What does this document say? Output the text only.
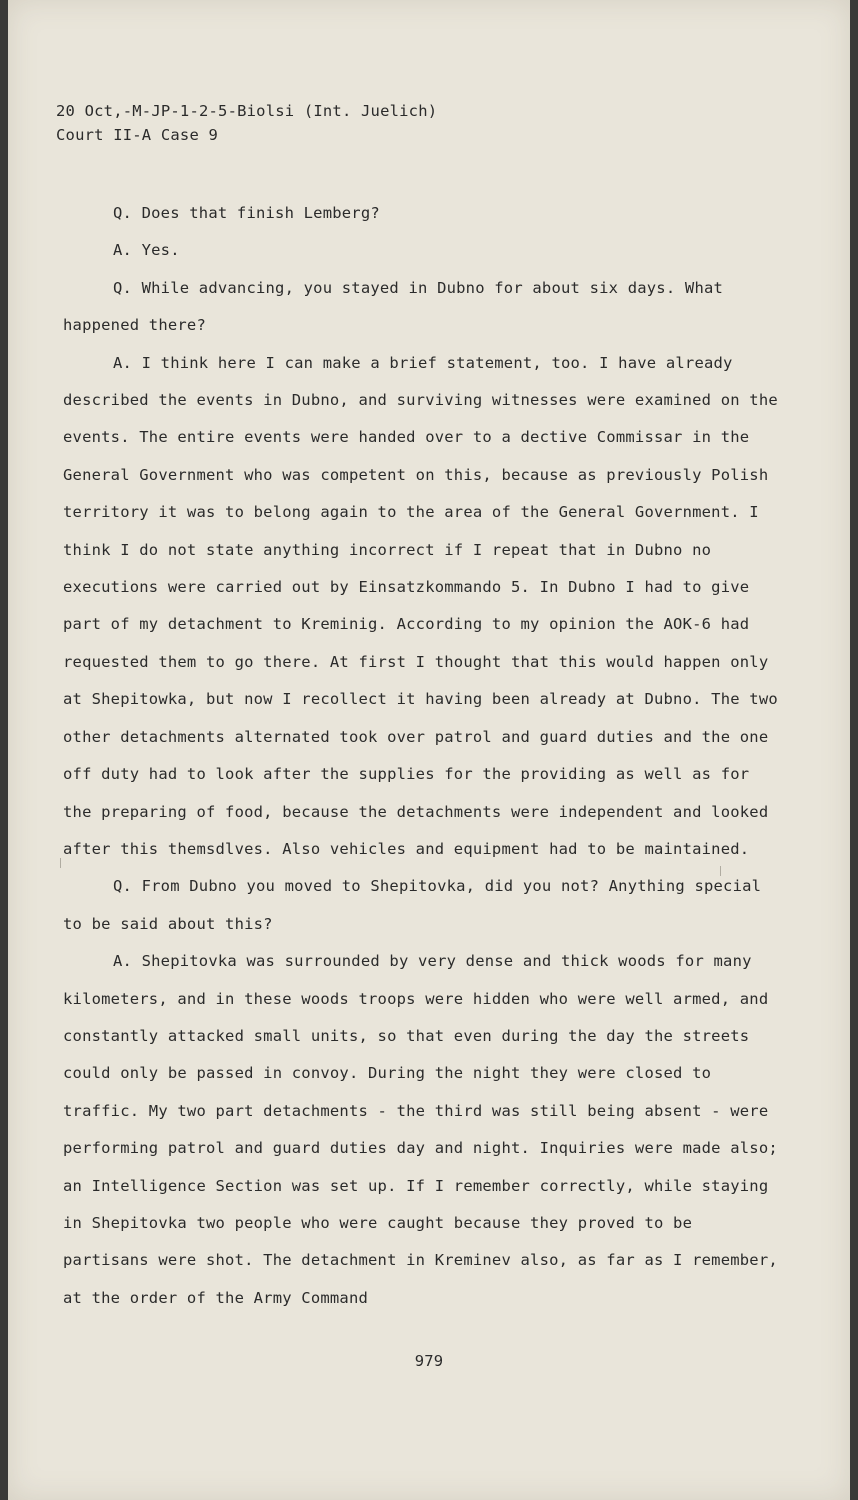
20 Oct,-M-JP-1-2-5-Biolsi (Int. Juelich)
Court II-A Case 9

Q. Does that finish Lemberg?

A. Yes.

Q. While advancing, you stayed in Dubno for about six days. What happened there?

A. I think here I can make a brief statement, too. I have already described the events in Dubno, and surviving witnesses were examined on the events. The entire events were handed over to a dective Commissar in the General Government who was competent on this, because as previously Polish territory it was to belong again to the area of the General Government. I think I do not state anything incorrect if I repeat that in Dubno no executions were carried out by Einsatzkommando 5. In Dubno I had to give part of my detachment to Kreminig. According to my opinion the AOK-6 had requested them to go there. At first I thought that this would happen only at Shepitowka, but now I recollect it having been already at Dubno. The two other detachments alternated took over patrol and guard duties and the one off duty had to look after the supplies for the providing as well as for the preparing of food, because the detachments were independent and looked after this themsdlves. Also vehicles and equipment had to be maintained.

Q. From Dubno you moved to Shepitovka, did you not? Anything special to be said about this?

A. Shepitovka was surrounded by very dense and thick woods for many kilometers, and in these woods troops were hidden who were well armed, and constantly attacked small units, so that even during the day the streets could only be passed in convoy. During the night they were closed to traffic. My two part detachments - the third was still being absent - were performing patrol and guard duties day and night. Inquiries were made also; an Intelligence Section was set up. If I remember correctly, while staying in Shepitovka two people who were caught because they proved to be partisans were shot. The detachment in Kreminev also, as far as I remember, at the order of the Army Command

979
